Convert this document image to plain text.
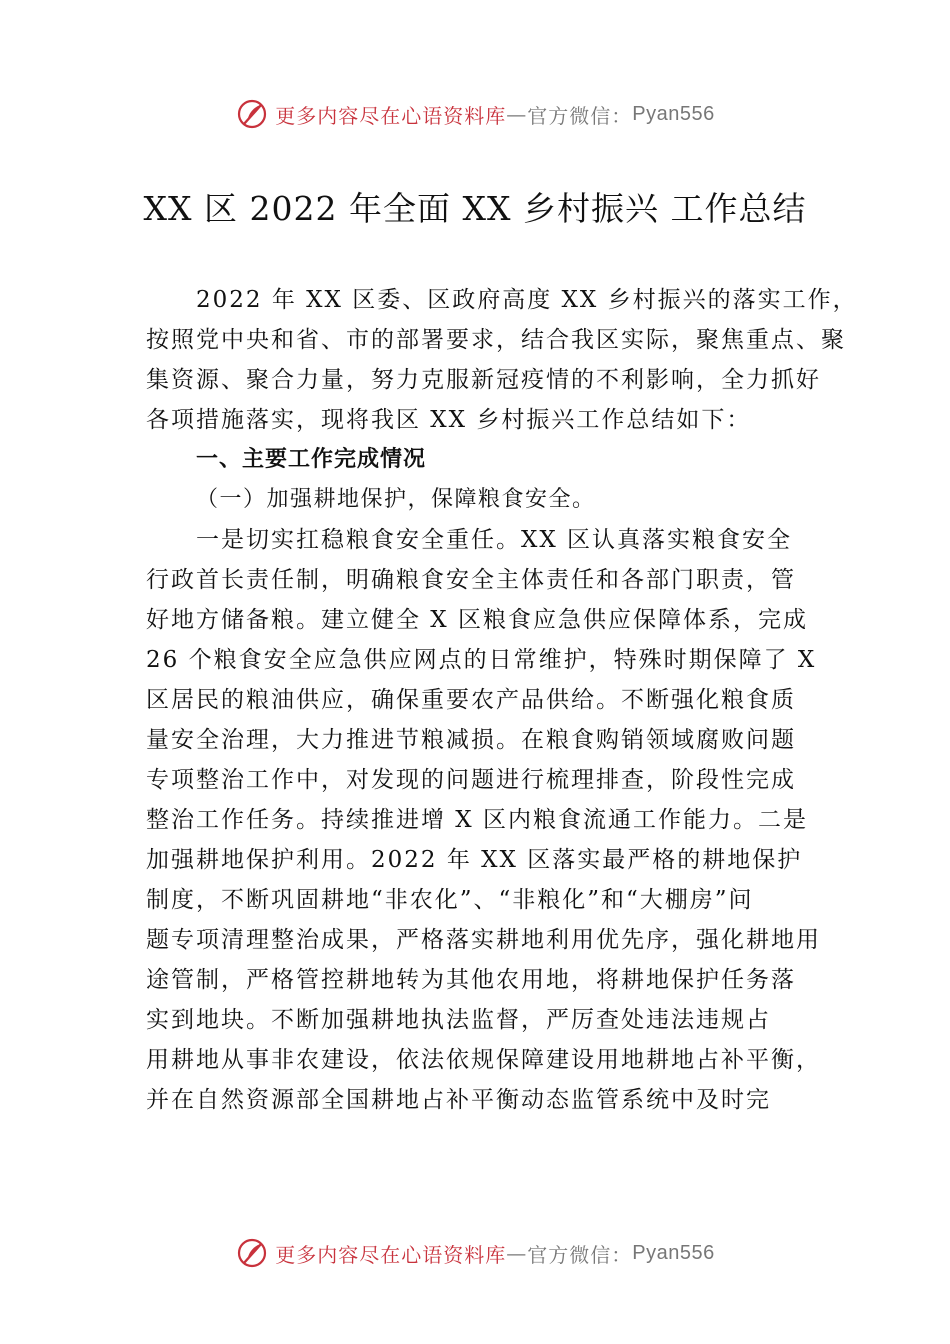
更多内容尽在心语资料库 — 官方微信： Pyan556
XX 区 2022 年全面 XX 乡村振兴 工作总结
2022 年 XX 区委、区政府高度 XX 乡村振兴的落实工作，
按照党中央和省、市的部署要求，结合我区实际，聚焦重点、聚
集资源、聚合力量，努力克服新冠疫情的不利影响，全力抓好
各项措施落实，现将我区 XX 乡村振兴工作总结如下：
一、主要工作完成情况
（一）加强耕地保护，保障粮食安全。
一是切实扛稳粮食安全重任。XX 区认真落实粮食安全
行政首长责任制，明确粮食安全主体责任和各部门职责，管
好地方储备粮。建立健全 X 区粮食应急供应保障体系，完成
26 个粮食安全应急供应网点的日常维护，特殊时期保障了 X
区居民的粮油供应，确保重要农产品供给。不断强化粮食质
量安全治理，大力推进节粮减损。在粮食购销领域腐败问题
专项整治工作中，对发现的问题进行梳理排查，阶段性完成
整治工作任务。持续推进增 X 区内粮食流通工作能力。二是
加强耕地保护利用。2022 年 XX 区落实最严格的耕地保护
制度，不断巩固耕地“非农化”、“非粮化”和“大棚房”问
题专项清理整治成果，严格落实耕地利用优先序，强化耕地用
途管制，严格管控耕地转为其他农用地，将耕地保护任务落
实到地块。不断加强耕地执法监督，严厉查处违法违规占
用耕地从事非农建设，依法依规保障建设用地耕地占补平衡，
并在自然资源部全国耕地占补平衡动态监管系统中及时完
更多内容尽在心语资料库 — 官方微信： Pyan556
